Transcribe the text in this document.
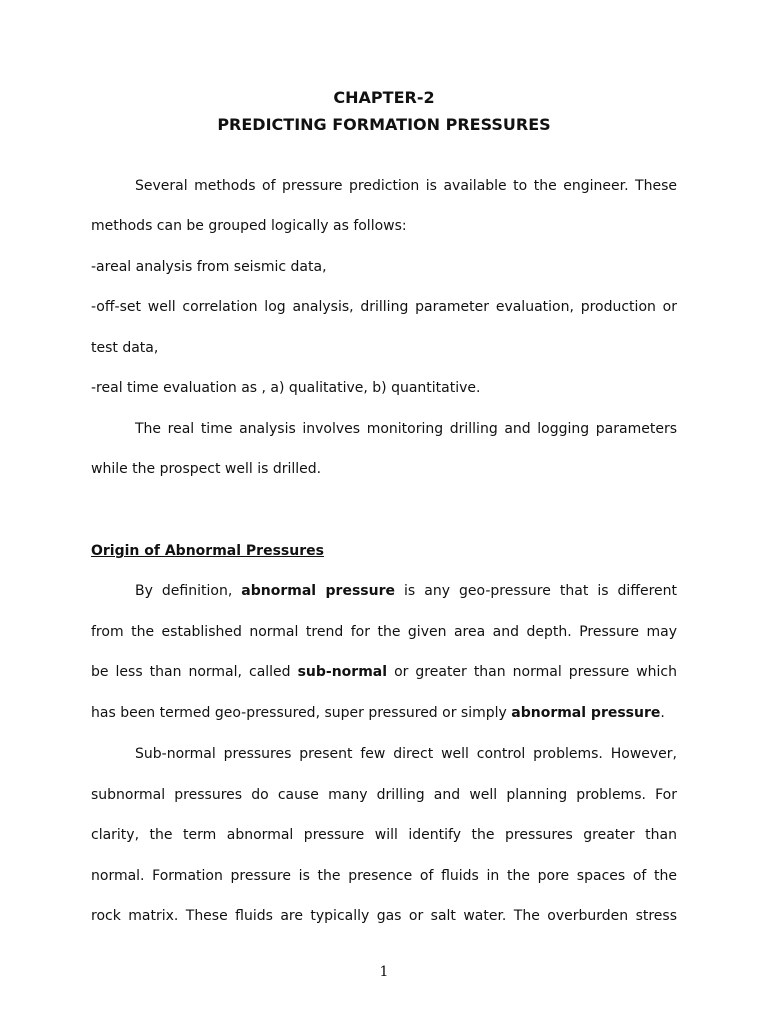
CHAPTER-2
PREDICTING FORMATION PRESSURES
Several methods of pressure prediction is available to the engineer. These
methods can be grouped logically as follows:
-areal analysis from seismic data,
-off-set well correlation log analysis, drilling parameter evaluation, production or
test data,
-real time evaluation as , a) qualitative, b) quantitative.
The real time analysis involves monitoring drilling and logging parameters
while the prospect well is drilled.
Origin of Abnormal Pressures
By definition, abnormal pressure is any geo-pressure that is different
from the established normal trend for the given area and depth. Pressure may
be less than normal, called sub-normal or greater than normal pressure which
has been termed geo-pressured, super pressured or simply abnormal pressure.
Sub-normal pressures present few direct well control problems. However,
subnormal pressures do cause many drilling and well planning problems. For
clarity, the term abnormal pressure will identify the pressures greater than
normal. Formation pressure is the presence of fluids in the pore spaces of the
rock matrix. These fluids are typically gas or salt water. The overburden stress
1
